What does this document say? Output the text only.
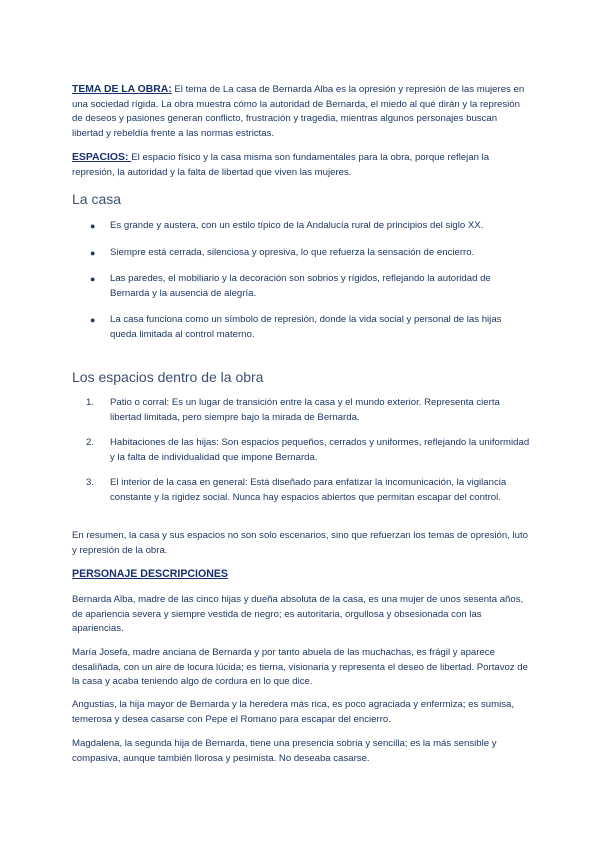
TEMA DE LA OBRA: El tema de La casa de Bernarda Alba es la opresión y represión de las mujeres en una sociedad rígida. La obra muestra cómo la autoridad de Bernarda, el miedo al qué dirán y la represión de deseos y pasiones generan conflicto, frustración y tragedia, mientras algunos personajes buscan libertad y rebeldía frente a las normas estrictas.
ESPACIOS: El espacio físico y la casa misma son fundamentales para la obra, porque reflejan la represión, la autoridad y la falta de libertad que viven las mujeres.
La casa
● Es grande y austera, con un estilo típico de la Andalucía rural de principios del siglo XX.
● Siempre está cerrada, silenciosa y opresiva, lo que refuerza la sensación de encierro.
● Las paredes, el mobiliario y la decoración son sobrios y rígidos, reflejando la autoridad de Bernarda y la ausencia de alegría.
● La casa funciona como un símbolo de represión, donde la vida social y personal de las hijas queda limitada al control materno.
Los espacios dentro de la obra
1. Patio o corral: Es un lugar de transición entre la casa y el mundo exterior. Representa cierta libertad limitada, pero siempre bajo la mirada de Bernarda.
2. Habitaciones de las hijas: Son espacios pequeños, cerrados y uniformes, reflejando la uniformidad y la falta de individualidad que impone Bernarda.
3. El interior de la casa en general: Está diseñado para enfatizar la incomunicación, la vigilancia constante y la rigidez social. Nunca hay espacios abiertos que permitan escapar del control.
En resumen, la casa y sus espacios no son solo escenarios, sino que refuerzan los temas de opresión, luto y represión de la obra.
PERSONAJE DESCRIPCIONES
Bernarda Alba, madre de las cinco hijas y dueña absoluta de la casa, es una mujer de unos sesenta años, de apariencia severa y siempre vestida de negro; es autoritaria, orgullosa y obsesionada con las apariencias.
María Josefa, madre anciana de Bernarda y por tanto abuela de las muchachas, es frágil y aparece desaliñada, con un aire de locura lúcida; es tierna, visionaria y representa el deseo de libertad. Portavoz de la casa y acaba teniendo algo de cordura en lo que dice.
Angustias, la hija mayor de Bernarda y la heredera más rica, es poco agraciada y enfermiza; es sumisa, temerosa y desea casarse con Pepe el Romano para escapar del encierro.
Magdalena, la segunda hija de Bernarda, tiene una presencia sobria y sencilla; es la más sensible y compasiva, aunque también llorosa y pesimista. No deseaba casarse.
